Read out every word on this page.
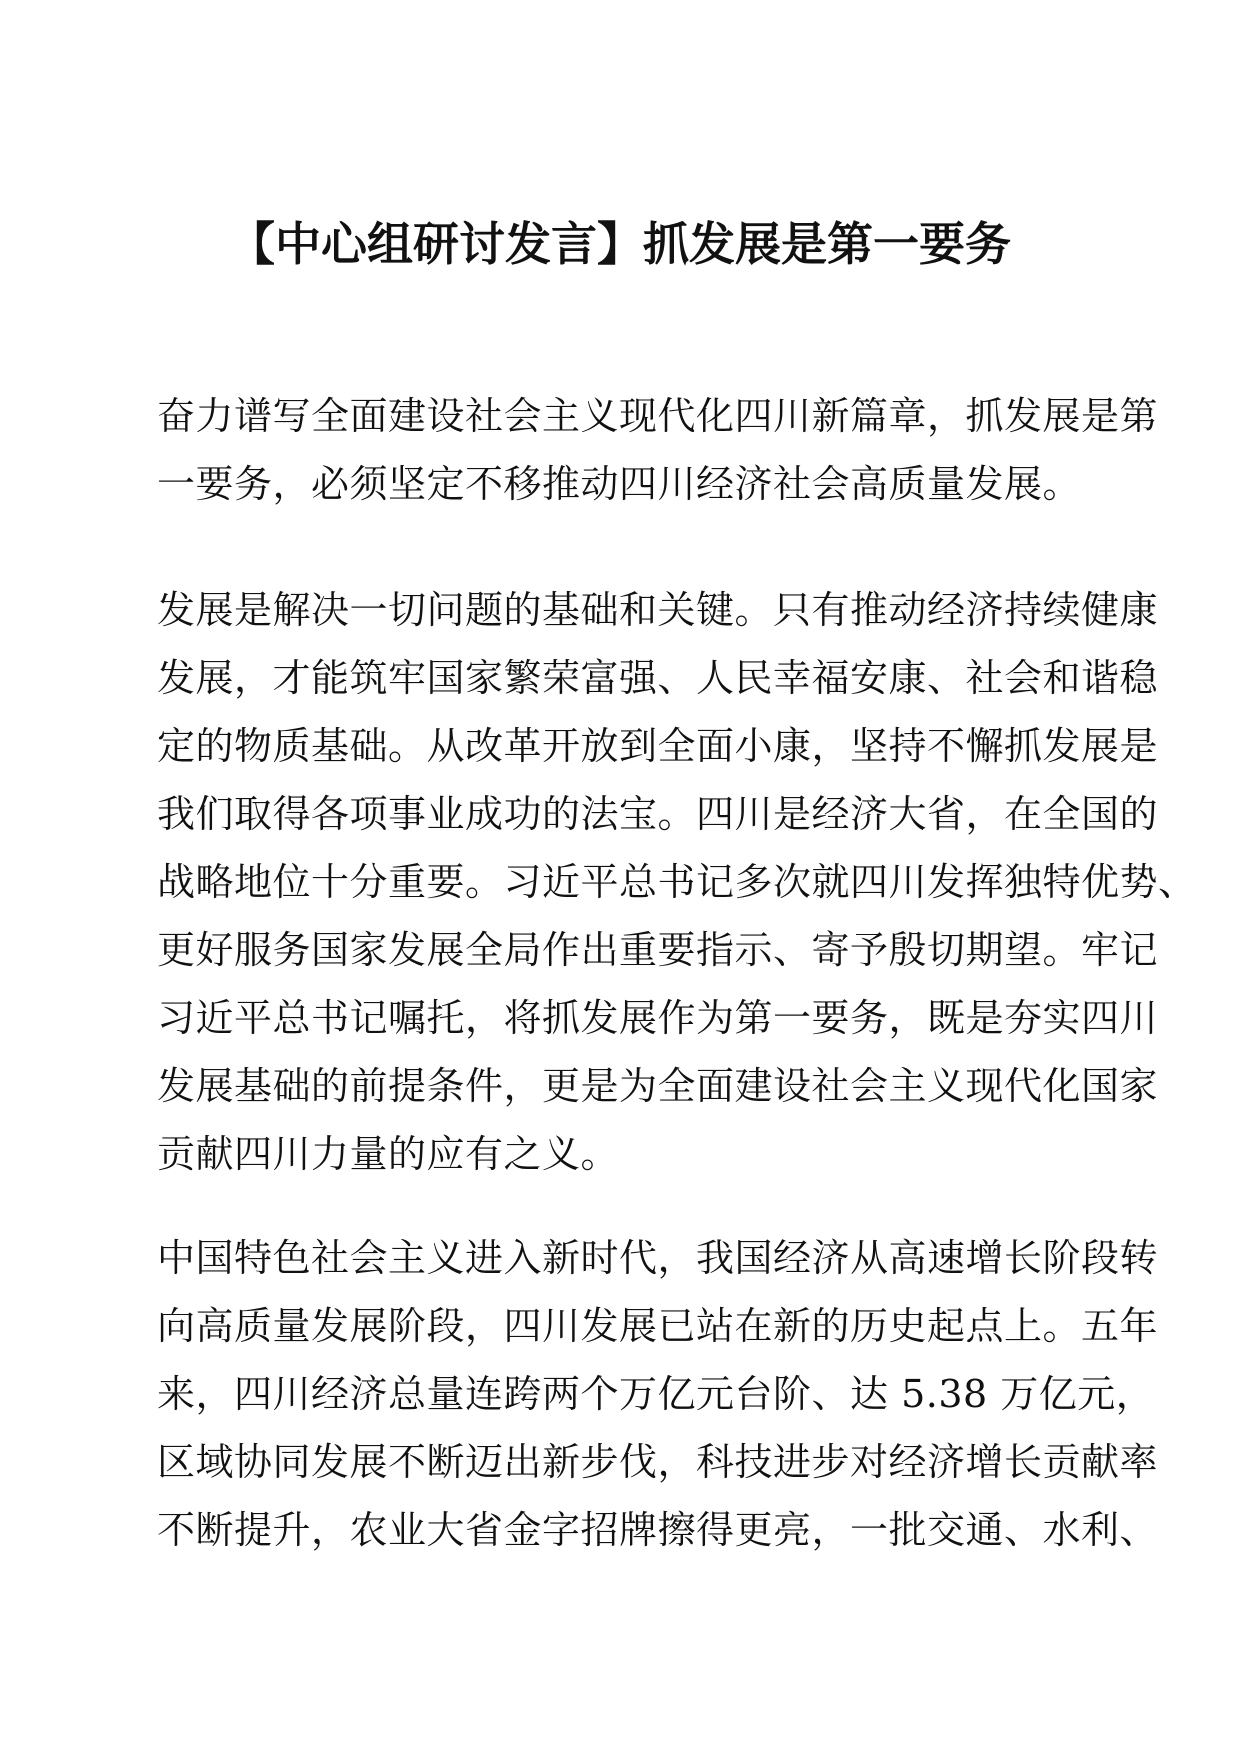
【中心组研讨发言】抓发展是第一要务
奋力谱写全面建设社会主义现代化四川新篇章，抓发展是第
一要务，必须坚定不移推动四川经济社会高质量发展。
发展是解决一切问题的基础和关键。只有推动经济持续健康
发展，才能筑牢国家繁荣富强、人民幸福安康、社会和谐稳
定的物质基础。从改革开放到全面小康，坚持不懈抓发展是
我们取得各项事业成功的法宝。四川是经济大省，在全国的
战略地位十分重要。习近平总书记多次就四川发挥独特优势、
更好服务国家发展全局作出重要指示、寄予殷切期望。牢记
习近平总书记嘱托，将抓发展作为第一要务，既是夯实四川
发展基础的前提条件，更是为全面建设社会主义现代化国家
贡献四川力量的应有之义。
中国特色社会主义进入新时代，我国经济从高速增长阶段转
向高质量发展阶段，四川发展已站在新的历史起点上。五年
来，四川经济总量连跨两个万亿元台阶、达 5.38 万亿元，
区域协同发展不断迈出新步伐，科技进步对经济增长贡献率
不断提升，农业大省金字招牌擦得更亮，一批交通、水利、
